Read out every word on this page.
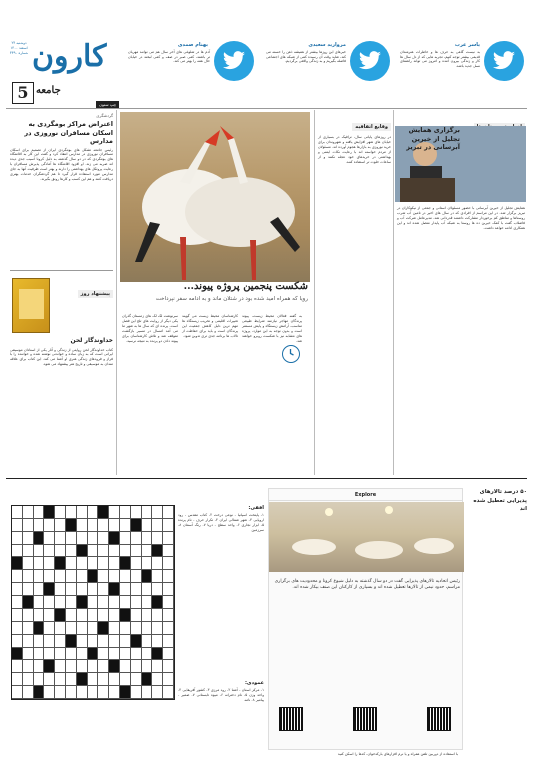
دوشنبه ۲۴ اسفند ۱۴۰۰
شماره ۳۳۹۰ کارون
5 جامعه
بهنام صمدی
آدم ها در شلوغی های آخر سال هم می توانند مهربان تر باشند، کمی صبر در صف و کمی لبخند در خیابان حال همه را بهتر می کند.
مروارید سعیدی
خبرهای این روزها بیشتر از همیشه ذهن را خسته می کند، شاید وقت آن رسیده کمی از شبکه های اجتماعی فاصله بگیریم و به زندگی واقعی برگردیم.
یاسر عرب
بد نیست گاهی به حرف ها و خاطرات هنرمندان قدیمی بیشتر توجه کنیم، تجربه هایی که از دل سال ها کار و زندگی بیرون آمده و امروز می تواند راهنمای نسل جدید باشد.
چپ ستون
گردشگری
اعتراض مراکز بومگردی به اسکان مسافران نوروزی در مدارس
رئیس جامعه تشکل های بومگردی ایران از تصمیم برای اسکان مسافران نوروزی در مدارس انتقاد کرد و گفت این کار به اقامتگاه های بومگردی که در دو سال گذشته به دلیل کرونا آسیب جدی دیده اند ضربه می زند. او افزود اقامتگاه ها آمادگی پذیرش مسافران با رعایت پروتکل های بهداشتی را دارند و بهتر است ظرفیت آنها به جای مدارس مورد استفاده قرار گیرد تا هم گردشگران خدمات بهتری دریافت کنند و هم این کسب و کارها رونق بگیرند.
پیشنهاد روز
خداوندگار لحن
کتاب خداوندگار لحن روایتی از زندگی و آثار یکی از استادان موسیقی ایرانی است که به زبان ساده و خواندنی نوشته شده و خواننده را با فراز و فرودهای زندگی هنری او آشنا می کند. این کتاب برای علاقه مندان به موسیقی و تاریخ هنر پیشنهاد می شود.
شکست پنجمین پروژه پیوند...
رویا که همراه امید شده بود در شتلان ماند و به ادامه سفر نپرداخت
سرنوشت لک لک های زمستان گذران یکی دیگر از روایت های تلخ این فصل است. پرنده ای که سال ها به شهر ما می آمد امسال در مسیر بازگشت متوقف شد و تلاش کارشناسان برای پیوند دادن دو پرنده به نتیجه نرسید.
کارشناسان محیط زیست می گویند تغییرات اقلیمی و تخریب زیستگاه ها مهم ترین دلیل کاهش جمعیت این پرندگان است و باید برای حفاظت از تالاب ها برنامه جدی تری تدوین شود.
به گفته فعالان محیط زیست، پیوند پرندگان مهاجر نیازمند شرایط طبیعی مناسب، آرامش زیستگاه و پایش مستمر است و بدون توجه به این موارد، پروژه های مشابه نیز با شکست روبرو خواهند شد.
وقایع اتفاقیه
در روزهای پایانی سال، ترافیک در بسیاری از خیابان های شهر افزایش یافته و شهروندان برای خرید نوروزی به بازارها هجوم آورده اند. مسئولان از مردم خواسته اند با رعایت نکات ایمنی و بهداشتی در خریدهای خود عجله نکنند و از ساعات خلوت تر استفاده کنند.
برگزاری همایش تجلیل از خیرین آبرسانی در تبریز
همایش تجلیل از خیرین آبرسانی با حضور مسئولان استانی و جمعی از نیکوکاران در تبریز برگزار شد. در این مراسم از افرادی که در سال های اخیر در تامین آب شرب روستاها و مناطق کم برخوردار مشارکت داشتند قدردانی شد. مدیرعامل شرکت آب و فاضلاب گفت با کمک خیرین ده ها روستا به شبکه آب پایدار متصل شده اند و این همکاری ادامه خواهد داشت.
افقی:
۱- پایتخت اسپانیا - نوعی درخت ۲- کتاب مقدس - رود اروپایی ۳- شهر شمالی ایران ۴- تکرار حرف - نام پرنده ۵- ابزار نجاری ۶- واحد سطح - دریا ۷- رنگ آسمان ۸- سرزمین
عمودی:
۱- مرکز استان - آشنا ۲- رود مرزی ۳- کشور آفریقایی ۴- واحد وزن ۵- نام دخترانه ۶- میوه تابستانی ۷- ضمیر - پیامبر ۸- نامه
Explore
رئیس اتحادیه تالارهای پذیرایی گفت در دو سال گذشته به دلیل شیوع کرونا و محدودیت های برگزاری مراسم، حدود نیمی از تالارها تعطیل شده اند و بسیاری از کارکنان این صنف بیکار شده اند.
۵۰ درصد تالارهای پذیرایی تعطیل شده اند
با استفاده از دوربین تلفن همراه و یا نرم افزارهای بارکدخوان، کدها را اسکن کنید
